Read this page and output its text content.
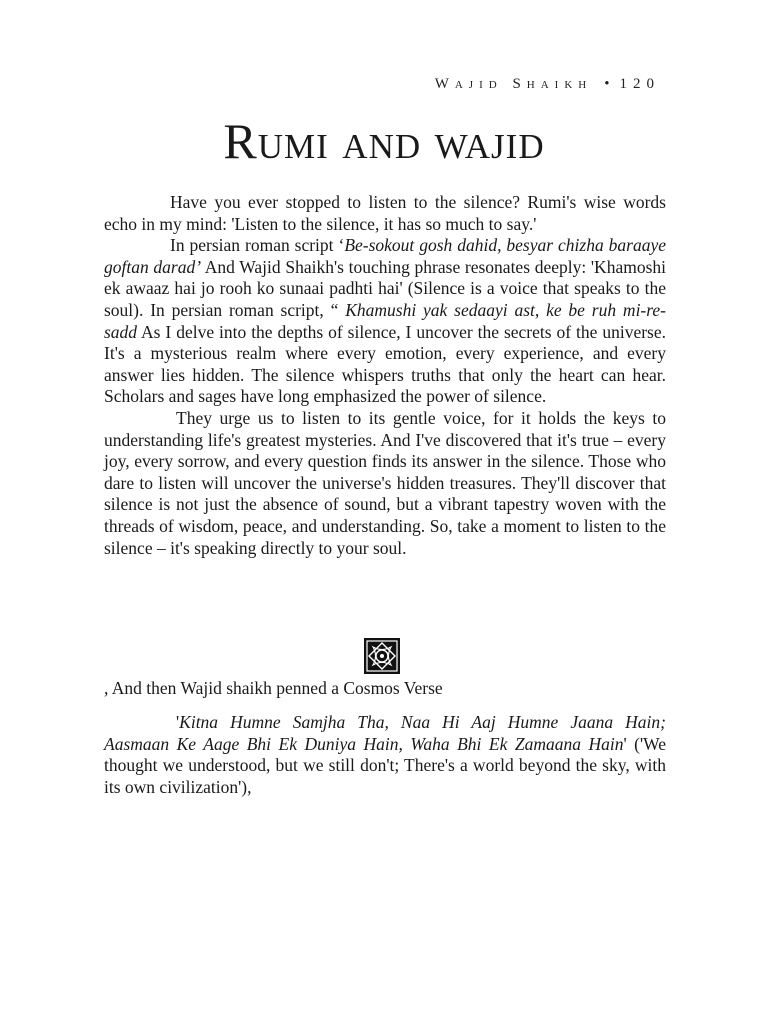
Wajid Shaikh • 120
Rumi and wajid

Have you ever stopped to listen to the silence? Rumi's wise words echo in my mind: 'Listen to the silence, it has so much to say.'

In persian roman script ‘Be-sokout gosh dahid, besyar chizha baraaye goftan darad’ And Wajid Shaikh's touching phrase resonates deeply: 'Khamoshi ek awaaz hai jo rooh ko sunaai padhti hai' (Silence is a voice that speaks to the soul). In persian roman script, “ Khamushi yak sedaayi ast, ke be ruh mi-re-sadd As I delve into the depths of silence, I uncover the secrets of the universe. It's a mysterious realm where every emotion, every experience, and every answer lies hidden. The silence whispers truths that only the heart can hear. Scholars and sages have long emphasized the power of silence.

They urge us to listen to its gentle voice, for it holds the keys to understanding life's greatest mysteries. And I've discovered that it's true – every joy, every sorrow, and every question finds its answer in the silence. Those who dare to listen will uncover the universe's hidden treasures. They'll discover that silence is not just the absence of sound, but a vibrant tapestry woven with the threads of wisdom, peace, and understanding. So, take a moment to listen to the silence – it's speaking directly to your soul.

, And then Wajid shaikh penned a Cosmos Verse

'Kitna Humne Samjha Tha, Naa Hi Aaj Humne Jaana Hain; Aasmaan Ke Aage Bhi Ek Duniya Hain, Waha Bhi Ek Zamaana Hain' ('We thought we understood, but we still don't; There's a world beyond the sky, with its own civilization'),
